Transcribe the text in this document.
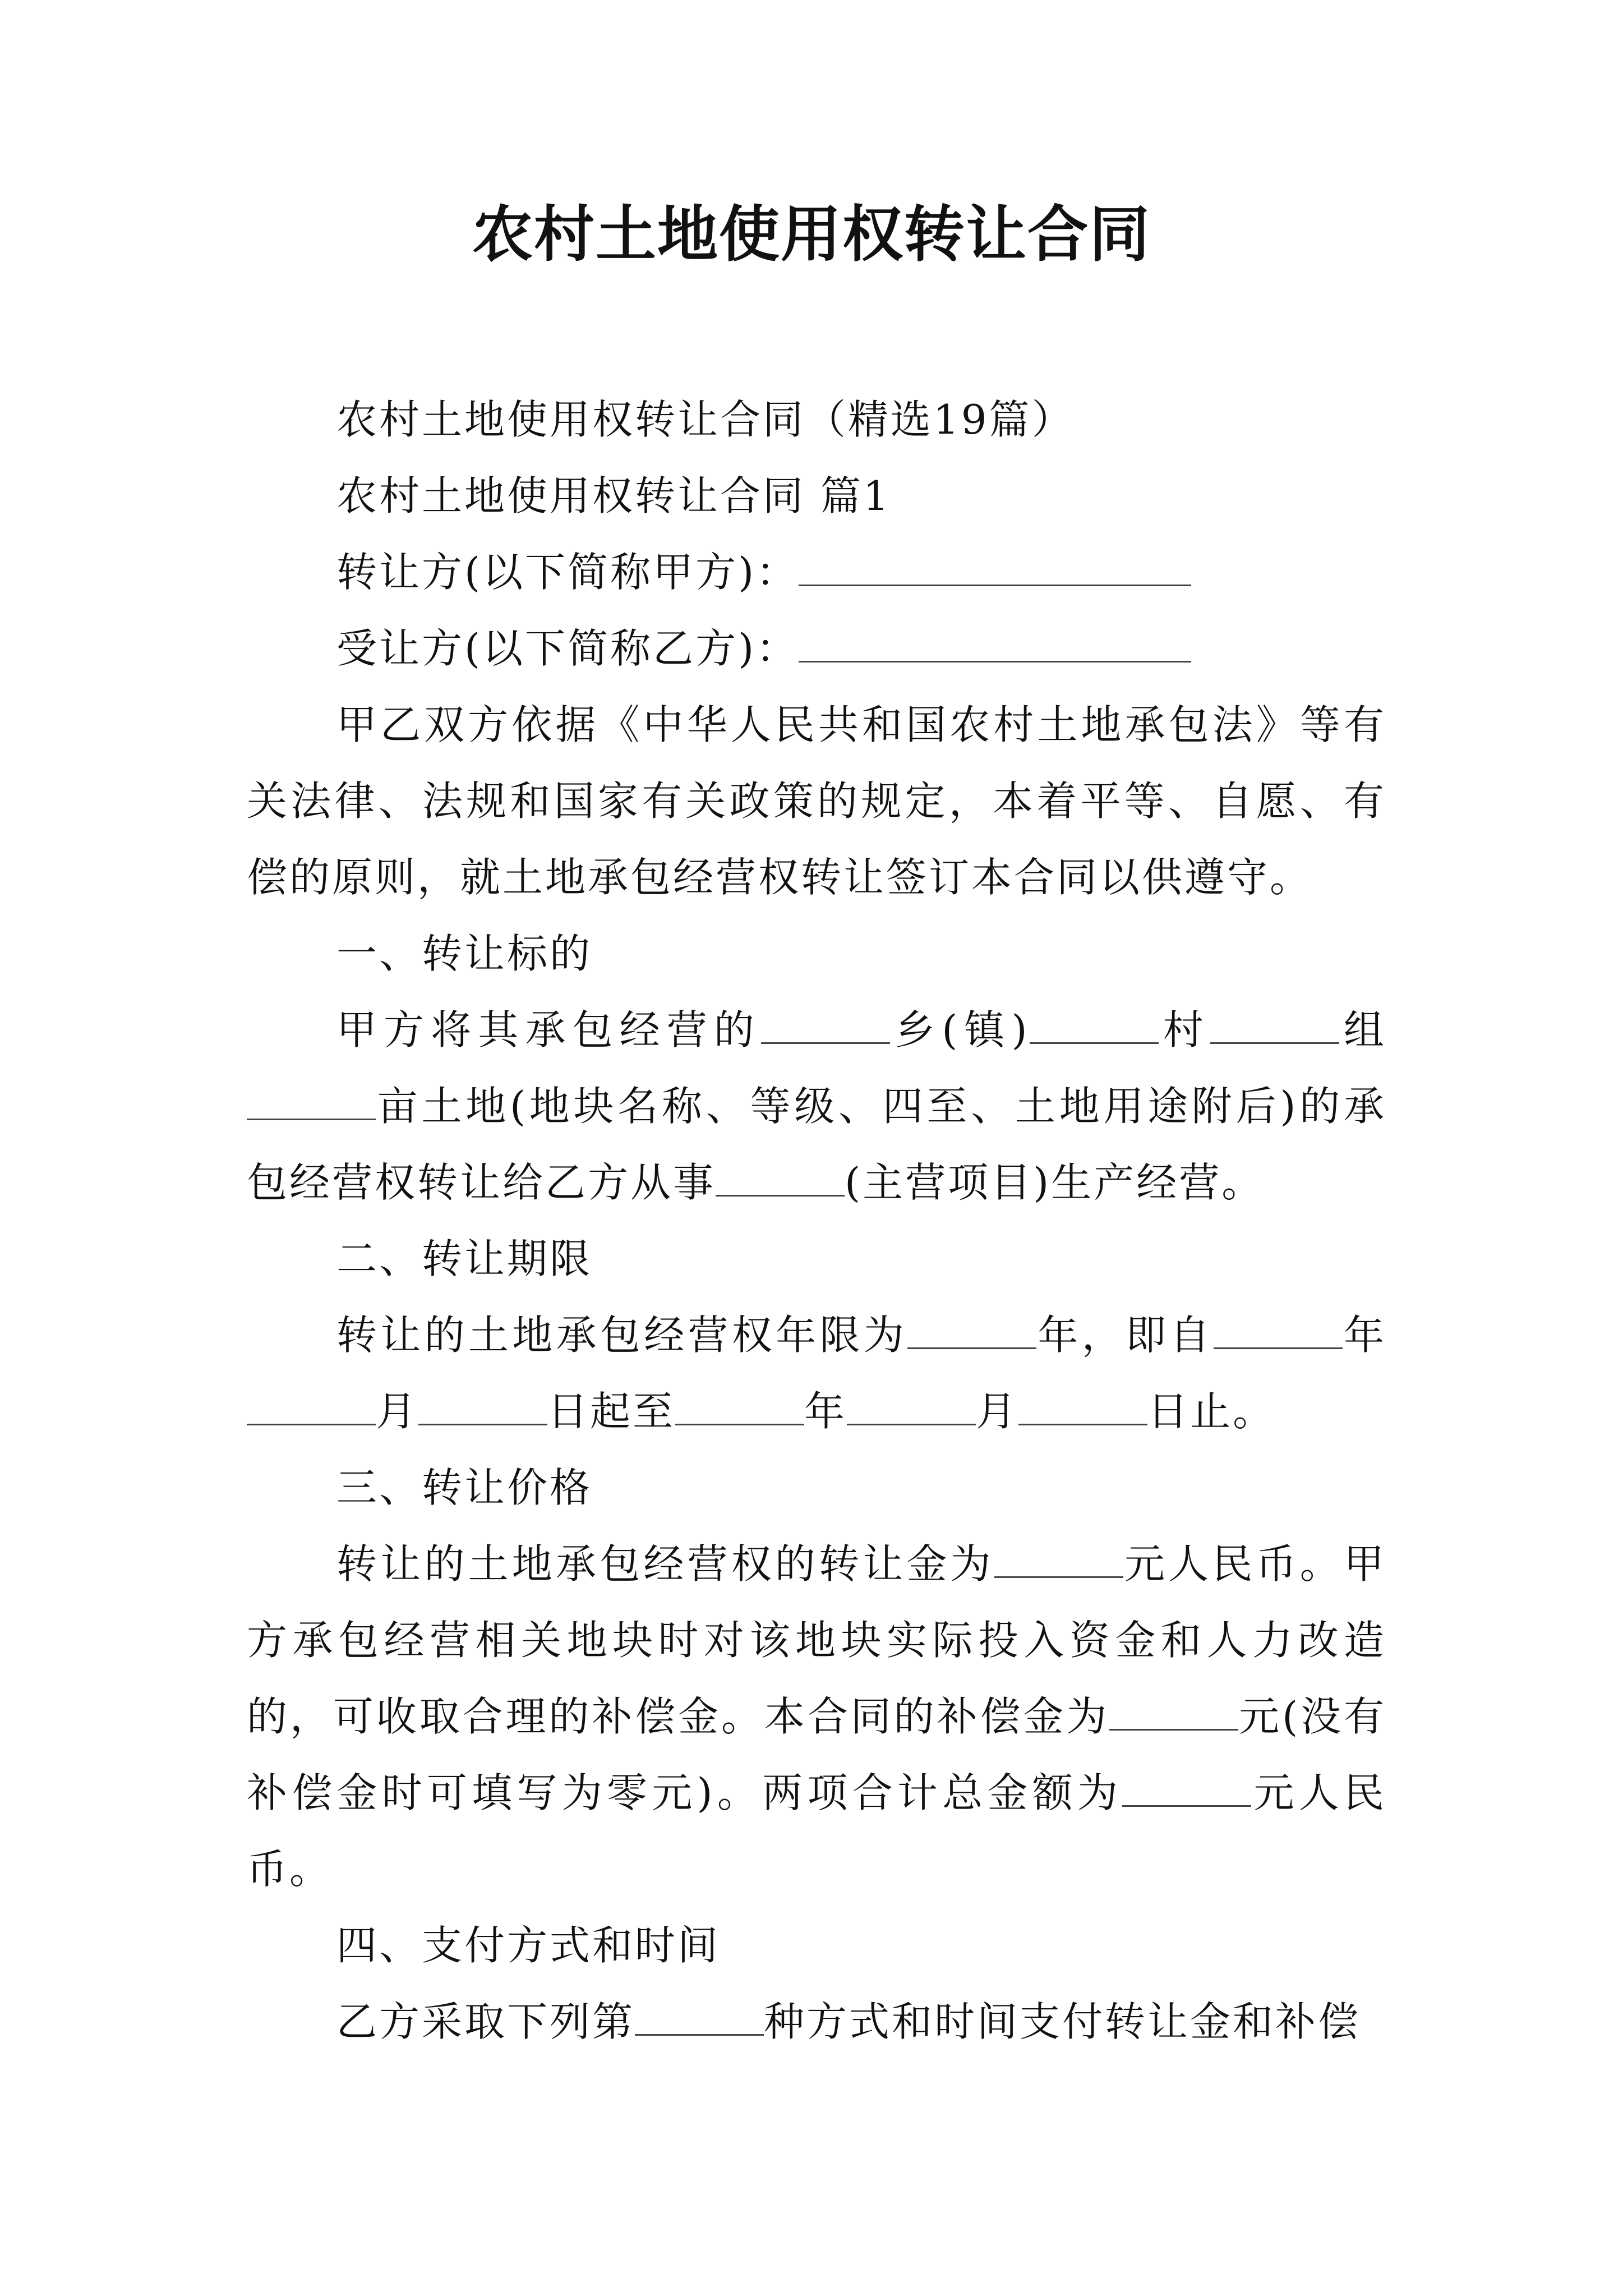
农村土地使用权转让合同

农村土地使用权转让合同（精选19篇）

农村土地使用权转让合同 篇1

转让方(以下简称甲方)：

受让方(以下简称乙方)：

甲乙双方依据《中华人民共和国农村土地承包法》等有关法律、法规和国家有关政策的规定，本着平等、自愿、有偿的原则，就土地承包经营权转让签订本合同以供遵守。

一、转让标的

甲方将其承包经营的	乡(镇)	村	组亩土地(地块名称、等级、四至、土地用途附后)的承包经营权转让给乙方从事	(主营项目)生产经营。

二、转让期限

转让的土地承包经营权年限为	年，即自	年月	日起至	年	月	日止。

三、转让价格

转让的土地承包经营权的转让金为	元人民币。甲方承包经营相关地块时对该地块实际投入资金和人力改造的，可收取合理的补偿金。本合同的补偿金为	元(没有补偿金时可填写为零元)。两项合计总金额为	元人民币。

四、支付方式和时间

乙方采取下列第	种方式和时间支付转让金和补偿
